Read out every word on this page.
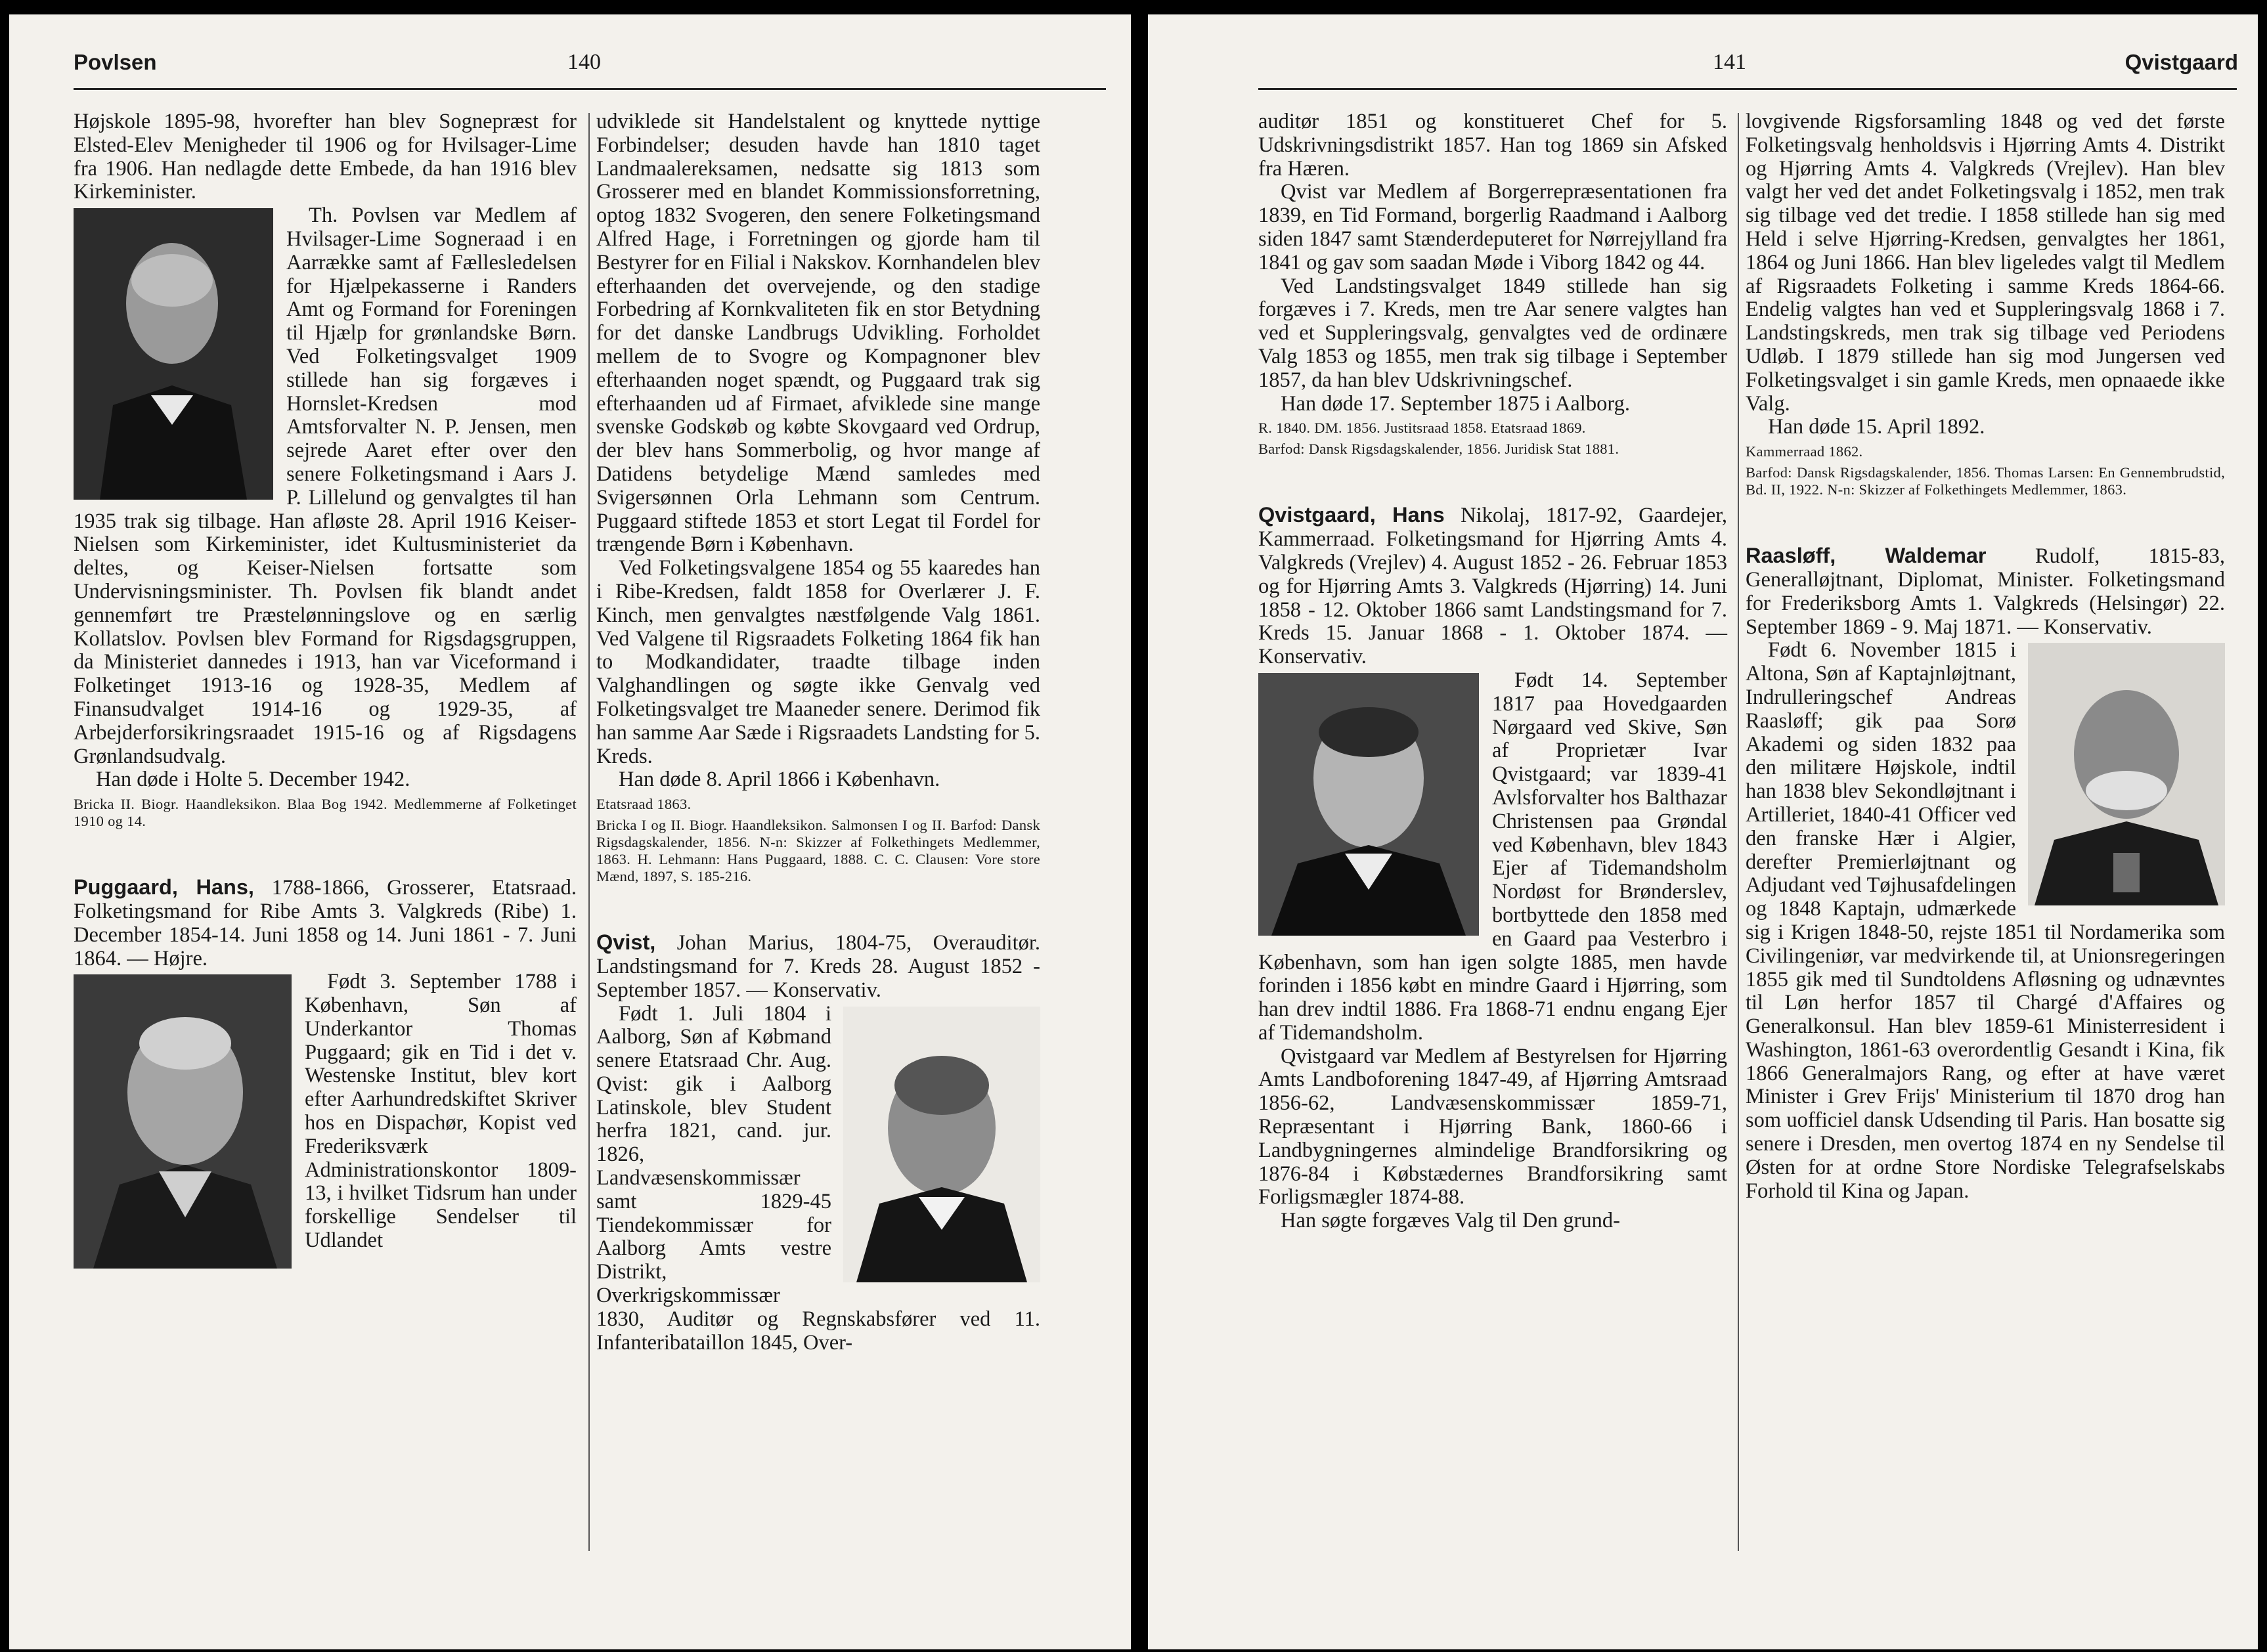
Povlsen	140

Højskole 1895-98, hvorefter han blev Sognepræst for Elsted-Elev Menigheder til 1906 og for Hvilsager-Lime fra 1906. Han nedlagde dette Embede, da han 1916 blev Kirkeminister.

Th. Povlsen var Medlem af Hvilsager-Lime Sogneraad i en Aarrække samt af Fællesledelsen for Hjælpekasserne i Randers Amt og Formand for Foreningen til Hjælp for grønlandske Børn. Ved Folketingsvalget 1909 stillede han sig forgæves i Hornslet-Kredsen mod Amtsforvalter N. P. Jensen, men sejrede Aaret efter over den senere Folketingsmand i Aars J. P. Lillelund og genvalgtes til han 1935 trak sig tilbage. Han afløste 28. April 1916 Keiser-Nielsen som Kirkeminister, idet Kultusministeriet da deltes, og Keiser-Nielsen fortsatte som Undervisningsminister. Th. Povlsen fik blandt andet gennemført tre Præstelønningslove og en særlig Kollatslov. Povlsen blev Formand for Rigsdagsgruppen, da Ministeriet dannedes i 1913, han var Viceformand i Folketinget 1913-16 og 1928-35, Medlem af Finansudvalget 1914-16 og 1929-35, af Arbejderforsikringsraadet 1915-16 og af Rigsdagens Grønlandsudvalg.

Han døde i Holte 5. December 1942.

Bricka II. Biogr. Haandleksikon. Blaa Bog 1942. Medlemmerne af Folketinget 1910 og 14.

Puggaard, Hans, 1788-1866, Grosserer, Etatsraad. Folketingsmand for Ribe Amts 3. Valgkreds (Ribe) 1. December 1854-14. Juni 1858 og 14. Juni 1861 - 7. Juni 1864. — Højre.

Født 3. September 1788 i København, Søn af Underkantor Thomas Puggaard; gik en Tid i det v. Westenske Institut, blev kort efter Aarhundredskiftet Skriver hos en Dispachør, Kopist ved Frederiksværk Administrationskontor 1809-13, i hvilket Tidsrum han under forskellige Sendelser til Udlandet

udviklede sit Handelstalent og knyttede nyttige Forbindelser; desuden havde han 1810 taget Landmaalereksamen, nedsatte sig 1813 som Grosserer med en blandet Kommissionsforretning, optog 1832 Svogeren, den senere Folketingsmand Alfred Hage, i Forretningen og gjorde ham til Bestyrer for en Filial i Nakskov. Kornhandelen blev efterhaanden det overvejende, og den stadige Forbedring af Kornkvaliteten fik en stor Betydning for det danske Landbrugs Udvikling. Forholdet mellem de to Svogre og Kompagnoner blev efterhaanden noget spændt, og Puggaard trak sig efterhaanden ud af Firmaet, afviklede sine mange svenske Godskøb og købte Skovgaard ved Ordrup, der blev hans Sommerbolig, og hvor mange af Datidens betydelige Mænd samledes med Svigersønnen Orla Lehmann som Centrum. Puggaard stiftede 1853 et stort Legat til Fordel for trængende Børn i København.

Ved Folketingsvalgene 1854 og 55 kaaredes han i Ribe-Kredsen, faldt 1858 for Overlærer J. F. Kinch, men genvalgtes næstfølgende Valg 1861. Ved Valgene til Rigsraadets Folketing 1864 fik han to Modkandidater, traadte tilbage inden Valghandlingen og søgte ikke Genvalg ved Folketingsvalget tre Maaneder senere. Derimod fik han samme Aar Sæde i Rigsraadets Landsting for 5. Kreds.

Han døde 8. April 1866 i København.

Etatsraad 1863.

Bricka I og II. Biogr. Haandleksikon. Salmonsen I og II. Barfod: Dansk Rigsdagskalender, 1856. N-n: Skizzer af Folkethingets Medlemmer, 1863. H. Lehmann: Hans Puggaard, 1888. C. C. Clausen: Vore store Mænd, 1897, S. 185-216.

Qvist, Johan Marius, 1804-75, Overauditør. Landstingsmand for 7. Kreds 28. August 1852 - September 1857. — Konservativ.

Født 1. Juli 1804 i Aalborg, Søn af Købmand senere Etatsraad Chr. Aug. Qvist: gik i Aalborg Latinskole, blev Student herfra 1821, cand. jur. 1826, Landvæsenskommissær samt 1829-45 Tiendekommissær for Aalborg Amts vestre Distrikt, Overkrigskommissær 1830, Auditør og Regnskabsfører ved 11. Infanteribataillon 1845, Over-

141	Qvistgaard

auditør 1851 og konstitueret Chef for 5. Udskrivningsdistrikt 1857. Han tog 1869 sin Afsked fra Hæren.

Qvist var Medlem af Borgerrepræsentationen fra 1839, en Tid Formand, borgerlig Raadmand i Aalborg siden 1847 samt Stænderdeputeret for Nørrejylland fra 1841 og gav som saadan Møde i Viborg 1842 og 44.

Ved Landstingsvalget 1849 stillede han sig forgæves i 7. Kreds, men tre Aar senere valgtes han ved et Suppleringsvalg, genvalgtes ved de ordinære Valg 1853 og 1855, men trak sig tilbage i September 1857, da han blev Udskrivningschef.

Han døde 17. September 1875 i Aalborg.

R. 1840. DM. 1856. Justitsraad 1858. Etatsraad 1869.

Barfod: Dansk Rigsdagskalender, 1856. Juridisk Stat 1881.

Qvistgaard, Hans Nikolaj, 1817-92, Gaardejer, Kammerraad. Folketingsmand for Hjørring Amts 4. Valgkreds (Vrejlev) 4. August 1852 - 26. Februar 1853 og for Hjørring Amts 3. Valgkreds (Hjørring) 14. Juni 1858 - 12. Oktober 1866 samt Landstingsmand for 7. Kreds 15. Januar 1868 - 1. Oktober 1874. — Konservativ.

Født 14. September 1817 paa Hovedgaarden Nørgaard ved Skive, Søn af Proprietær Ivar Qvistgaard; var 1839-41 Avlsforvalter hos Balthazar Christensen paa Grøndal ved København, blev 1843 Ejer af Tidemandsholm Nordøst for Brønderslev, bortbyttede den 1858 med en Gaard paa Vesterbro i København, som han igen solgte 1885, men havde forinden i 1856 købt en mindre Gaard i Hjørring, som han drev indtil 1886. Fra 1868-71 endnu engang Ejer af Tidemandsholm.

Qvistgaard var Medlem af Bestyrelsen for Hjørring Amts Landboforening 1847-49, af Hjørring Amtsraad 1856-62, Landvæsenskommissær 1859-71, Repræsentant i Hjørring Bank, 1860-66 i Landbygningernes almindelige Brandforsikring og 1876-84 i Købstædernes Brandforsikring samt Forligsmægler 1874-88.

Han søgte forgæves Valg til Den grund-

lovgivende Rigsforsamling 1848 og ved det første Folketingsvalg henholdsvis i Hjørring Amts 4. Distrikt og Hjørring Amts 4. Valgkreds (Vrejlev). Han blev valgt her ved det andet Folketingsvalg i 1852, men trak sig tilbage ved det tredie. I 1858 stillede han sig med Held i selve Hjørring-Kredsen, genvalgtes her 1861, 1864 og Juni 1866. Han blev ligeledes valgt til Medlem af Rigsraadets Folketing i samme Kreds 1864-66. Endelig valgtes han ved et Suppleringsvalg 1868 i 7. Landstingskreds, men trak sig tilbage ved Periodens Udløb. I 1879 stillede han sig mod Jungersen ved Folketingsvalget i sin gamle Kreds, men opnaaede ikke Valg.

Han døde 15. April 1892.

Kammerraad 1862.

Barfod: Dansk Rigsdagskalender, 1856. Thomas Larsen: En Gennembrudstid, Bd. II, 1922. N-n: Skizzer af Folkethingets Medlemmer, 1863.

Raasløff, Waldemar Rudolf, 1815-83, Generalløjtnant, Diplomat, Minister. Folketingsmand for Frederiksborg Amts 1. Valgkreds (Helsingør) 22. September 1869 - 9. Maj 1871. — Konservativ.

Født 6. November 1815 i Altona, Søn af Kaptajnløjtnant, Indrulleringschef Andreas Raasløff; gik paa Sorø Akademi og siden 1832 paa den militære Højskole, indtil han 1838 blev Sekondløjtnant i Artilleriet, 1840-41 Officer ved den franske Hær i Algier, derefter Premierløjtnant og Adjudant ved Tøjhusafdelingen og 1848 Kaptajn, udmærkede sig i Krigen 1848-50, rejste 1851 til Nordamerika som Civilingeniør, var medvirkende til, at Unionsregeringen 1855 gik med til Sundtoldens Afløsning og udnævntes til Løn herfor 1857 til Chargé d'Affaires og Generalkonsul. Han blev 1859-61 Ministerresident i Washington, 1861-63 overordentlig Gesandt i Kina, fik 1866 Generalmajors Rang, og efter at have været Minister i Grev Frijs' Ministerium til 1870 drog han som uofficiel dansk Udsending til Paris. Han bosatte sig senere i Dresden, men overtog 1874 en ny Sendelse til Østen for at ordne Store Nordiske Telegrafselskabs Forhold til Kina og Japan.
